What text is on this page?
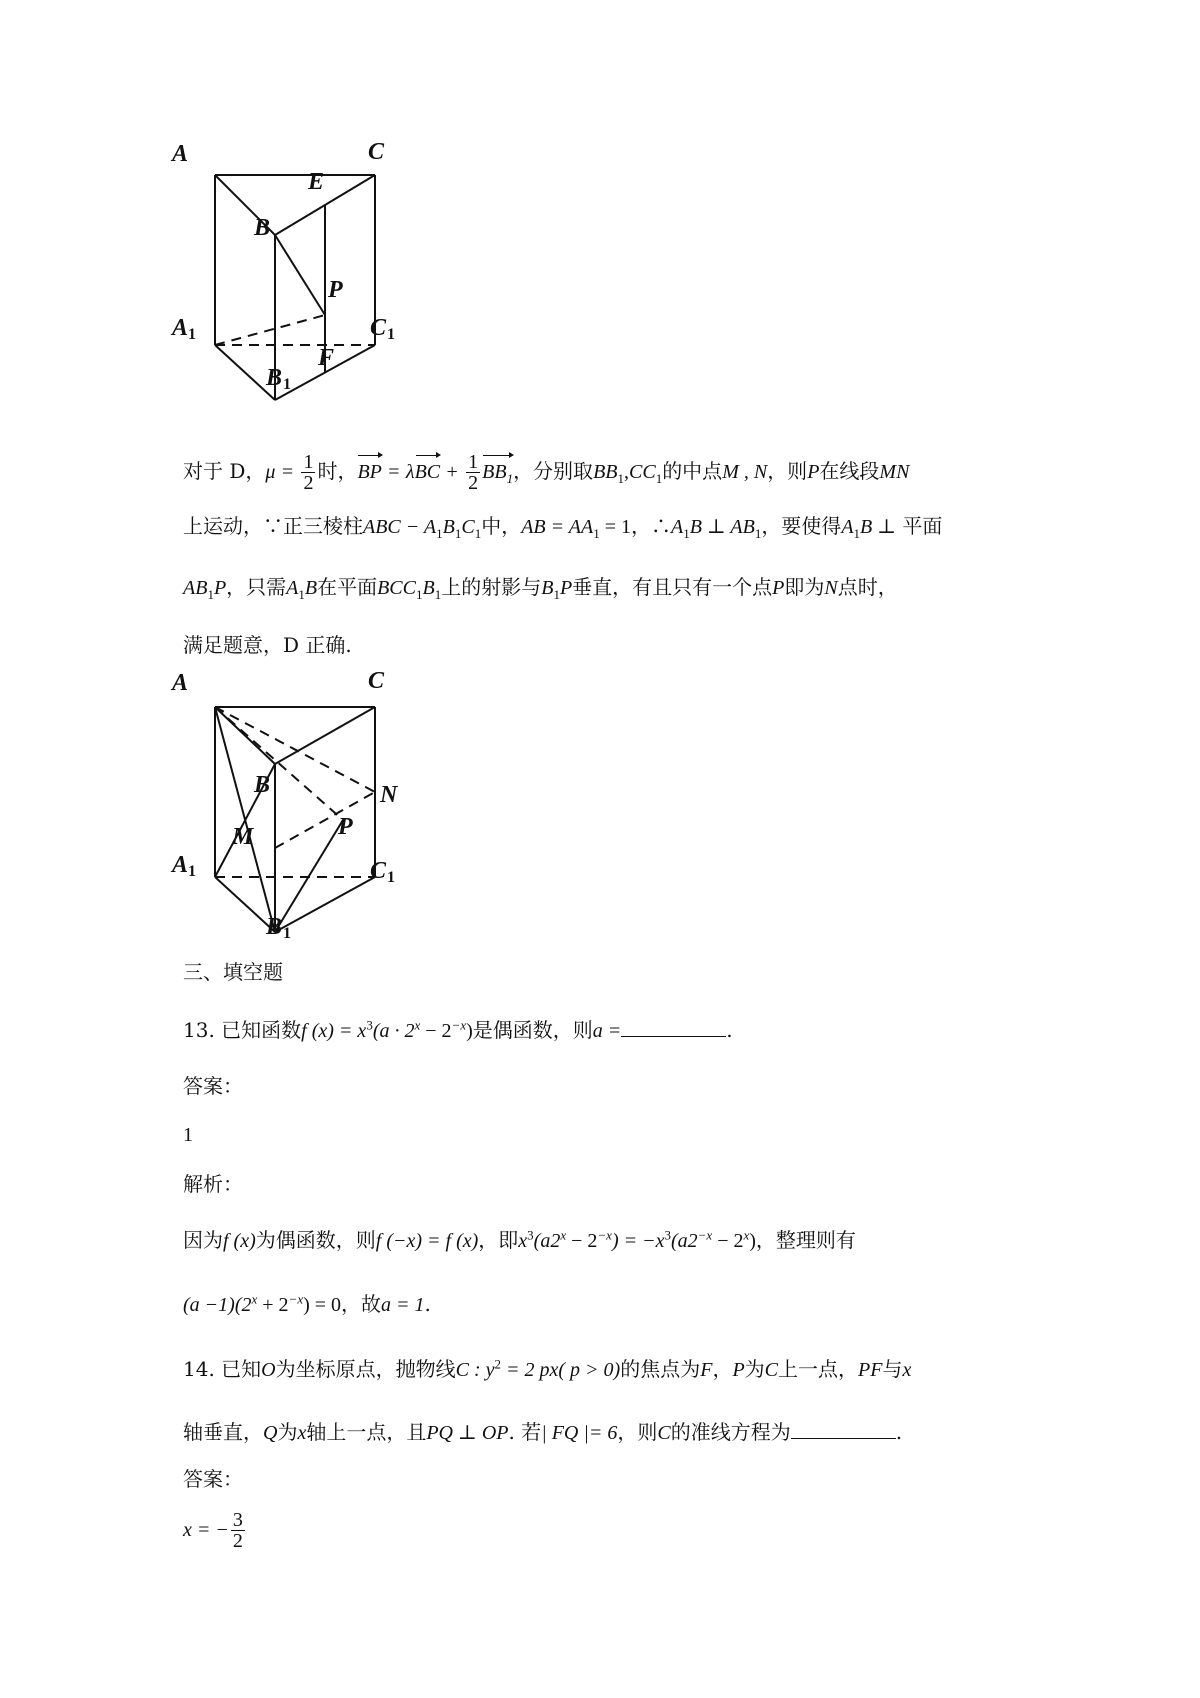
A	C
E
B
P
A 1	C 1
F
B 1
对于 D，$\mu = \frac{1}{2}$ 时，BP = $\lambda BC + \frac{1}{2} BB_1$，分别取$BB_1,CC_1$的中点M , N，则P在线段MN
上运动，∵正三棱柱ABC − $A_1B_1C_1$中，AB = $AA_1 = 1$，$\therefore A_1B$ ⊥ $AB_1$，要使得$A_1B$ ⊥ 平面
$AB_1P$，只需$A_1B$在平面$BCC_1B_1$上的射影与$B_1P$垂直，有且只有一个点P即为N点时，
满足题意，D 正确.
A	C
B	N
M	P
A 1	C 1
B 1
三、填空题
13. 已知函数f $(x) = x^3(a \cdot 2^x - 2^{-x})$是偶函数，则a =	.
答案：
1
解析：
因为f (x)为偶函数，则f (−x) = f (x)，即$x^3(a2^x - 2^{-x}) = -x^3(a2^{-x} - 2^x)$，整理则有
$(a -1)(2^x + 2^{-x}) = 0$，故a = 1.
14. 已知O为坐标原点，抛物线C : $y^2 = 2$ px( p > 0)的焦点为F，P为C上一点，PF与x
轴垂直，Q为x轴上一点，且PQ ⊥ OP. 若| FQ |= 6，则C的准线方程为	.
答案：
x = − $\frac{3}{2}$
